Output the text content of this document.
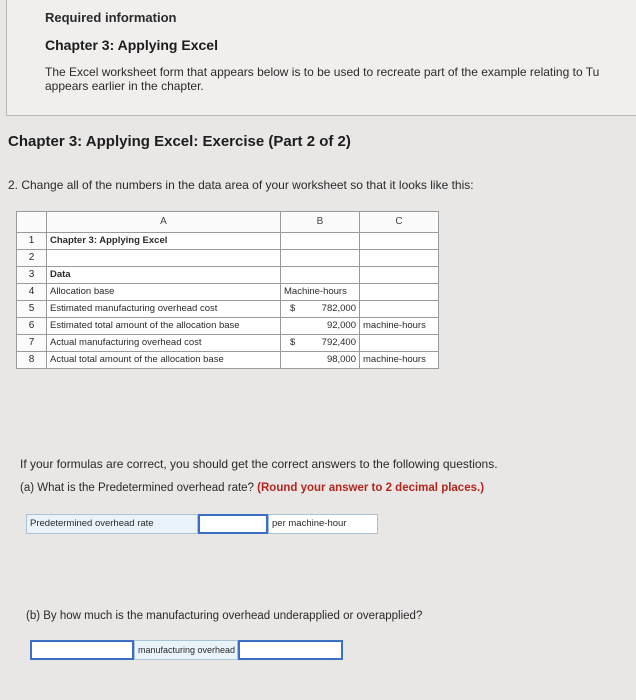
Required information
Chapter 3: Applying Excel
The Excel worksheet form that appears below is to be used to recreate part of the example relating to Tu
appears earlier in the chapter.
Chapter 3: Applying Excel: Exercise (Part 2 of 2)
2. Change all of the numbers in the data area of your worksheet so that it looks like this:
	A	B	C
1	Chapter 3: Applying Excel		
2			
3	Data		
4	Allocation base	Machine-hours	
5	Estimated manufacturing overhead cost	$ 782,000	
6	Estimated total amount of the allocation base	92,000	machine-hours
7	Actual manufacturing overhead cost	$ 792,400	
8	Actual total amount of the allocation base	98,000	machine-hours
If your formulas are correct, you should get the correct answers to the following questions.
(a) What is the Predetermined overhead rate? (Round your answer to 2 decimal places.)
Predetermined overhead rate	per machine-hour
(b) By how much is the manufacturing overhead underapplied or overapplied?
manufacturing overhead
